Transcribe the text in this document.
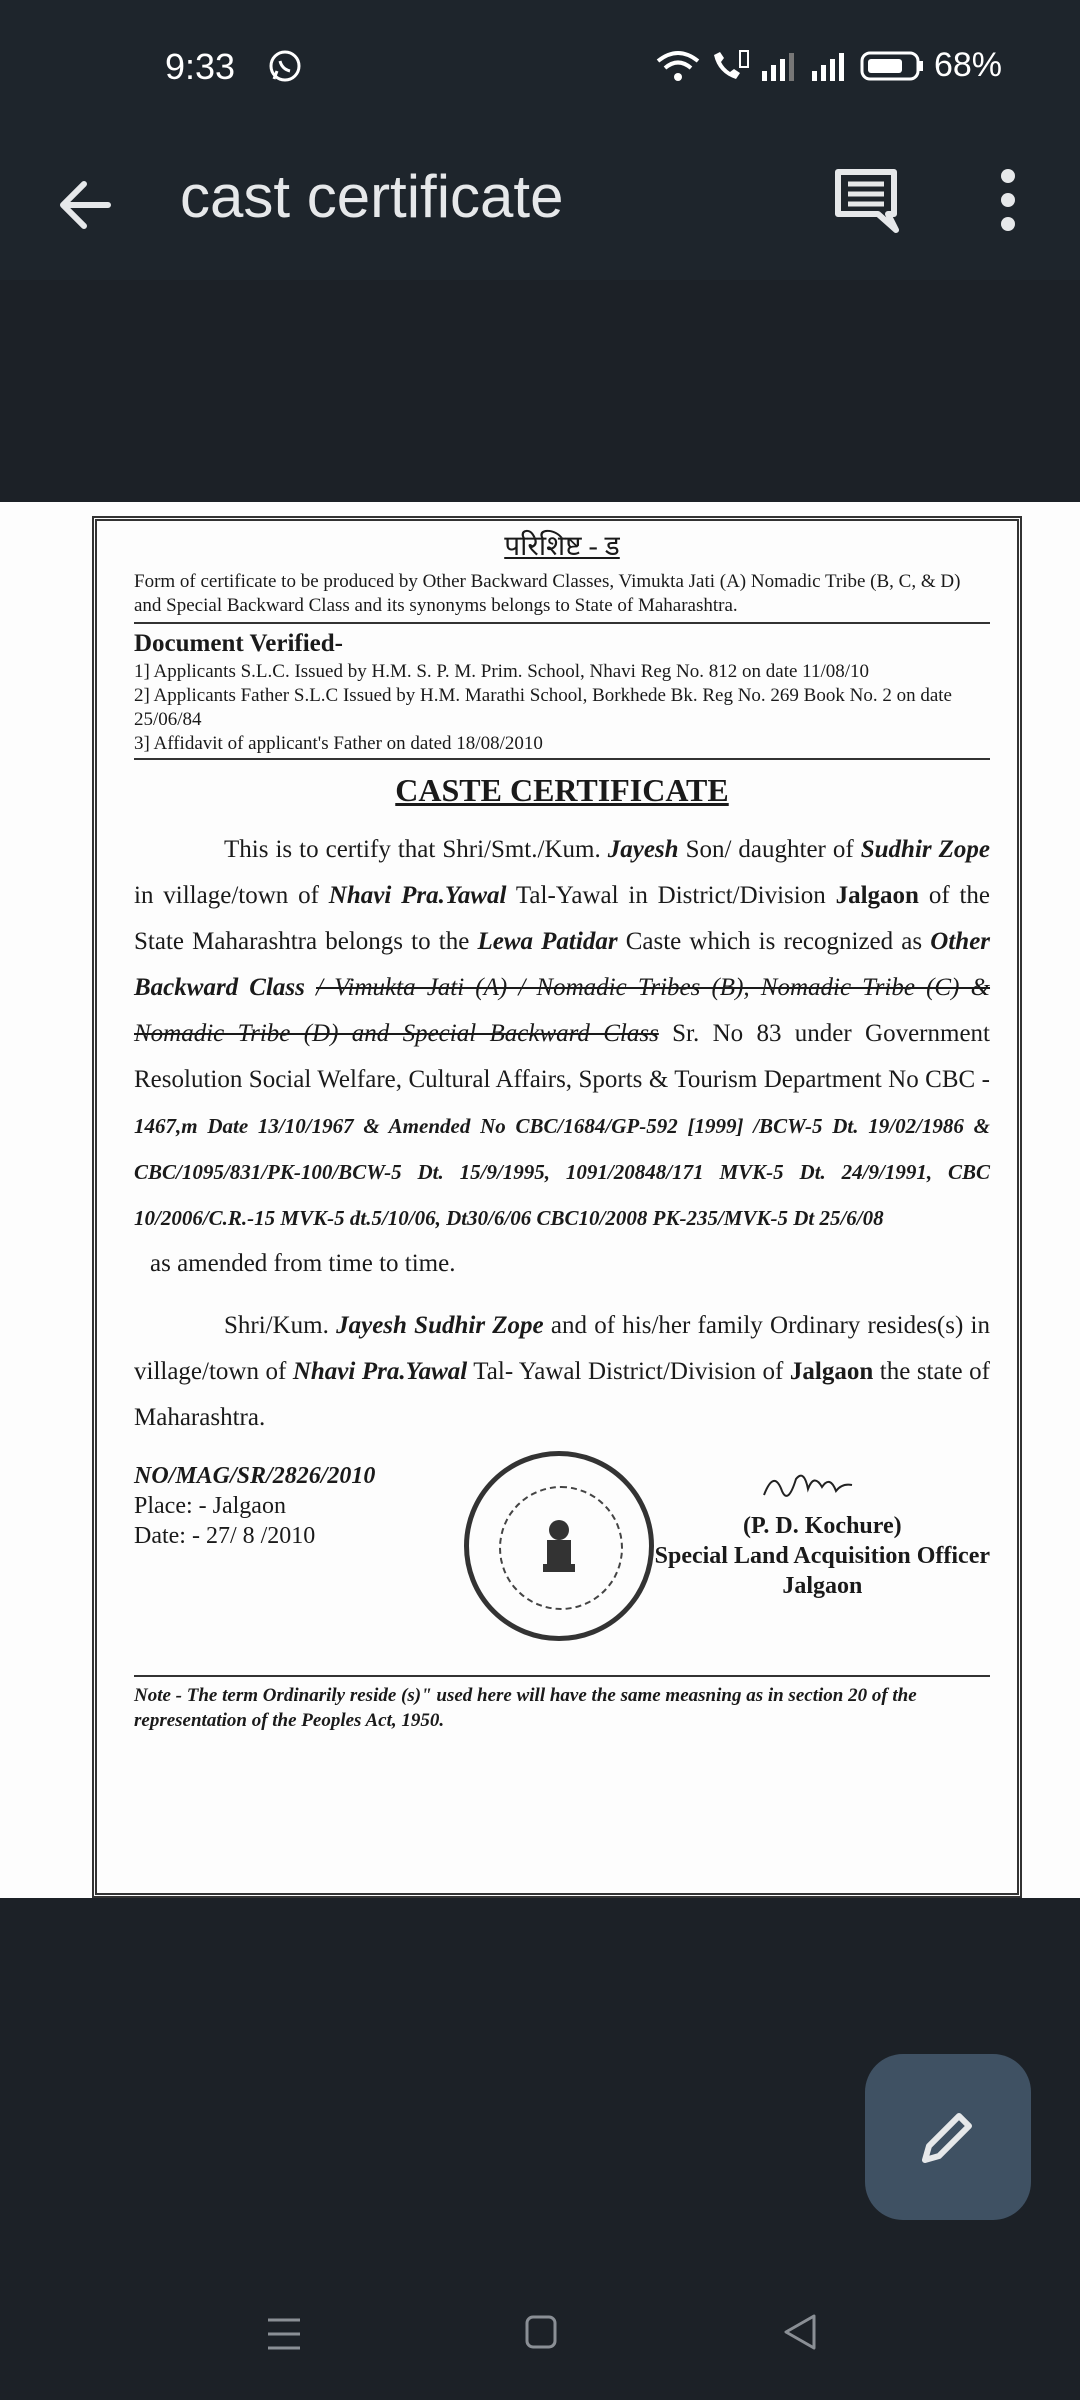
9:33	68%
cast certificate

परिशिष्ट - ड

Form of certificate to be produced by Other Backward Classes, Vimukta Jati (A) Nomadic Tribe (B, C, & D) and Special Backward Class and its synonyms belongs to State of Maharashtra.

Document Verified-

1] Applicants S.L.C. Issued by H.M. S. P. M. Prim. School, Nhavi Reg No. 812 on date 11/08/10

2] Applicants Father S.L.C Issued by H.M. Marathi School, Borkhede Bk. Reg No. 269 Book No. 2 on date 25/06/84

3] Affidavit of applicant's Father on dated 18/08/2010

CASTE CERTIFICATE

This is to certify that Shri/Smt./Kum. Jayesh Son/ daughter of Sudhir Zope in village/town of Nhavi Pra.Yawal Tal-Yawal in District/Division Jalgaon of the State Maharashtra belongs to the Lewa Patidar Caste which is recognized as Other Backward Class / Vimukta Jati (A) / Nomadic Tribes (B), Nomadic Tribe (C) & Nomadic Tribe (D) and Special Backward Class Sr. No 83 under Government Resolution Social Welfare, Cultural Affairs, Sports & Tourism Department No CBC - 1467,m Date 13/10/1967 & Amended No CBC/1684/GP-592 [1999] /BCW-5 Dt. 19/02/1986 & CBC/1095/831/PK-100/BCW-5 Dt. 15/9/1995, 1091/20848/171 MVK-5 Dt. 24/9/1991, CBC 10/2006/C.R.-15 MVK-5 dt.5/10/06, Dt30/6/06 CBC10/2008 PK-235/MVK-5 Dt 25/6/08

as amended from time to time.

Shri/Kum. Jayesh Sudhir Zope and of his/her family Ordinary resides(s) in village/town of Nhavi Pra.Yawal Tal- Yawal District/Division of Jalgaon the state of Maharashtra.

NO/MAG/SR/2826/2010
Place: - Jalgaon
Date: - 27/ 8 /2010	(P. D. Kochure)
Special Land Acquisition Officer
Jalgaon

Note - The term Ordinarily reside (s)" used here will have the same measning as in section 20 of the representation of the Peoples Act, 1950.
